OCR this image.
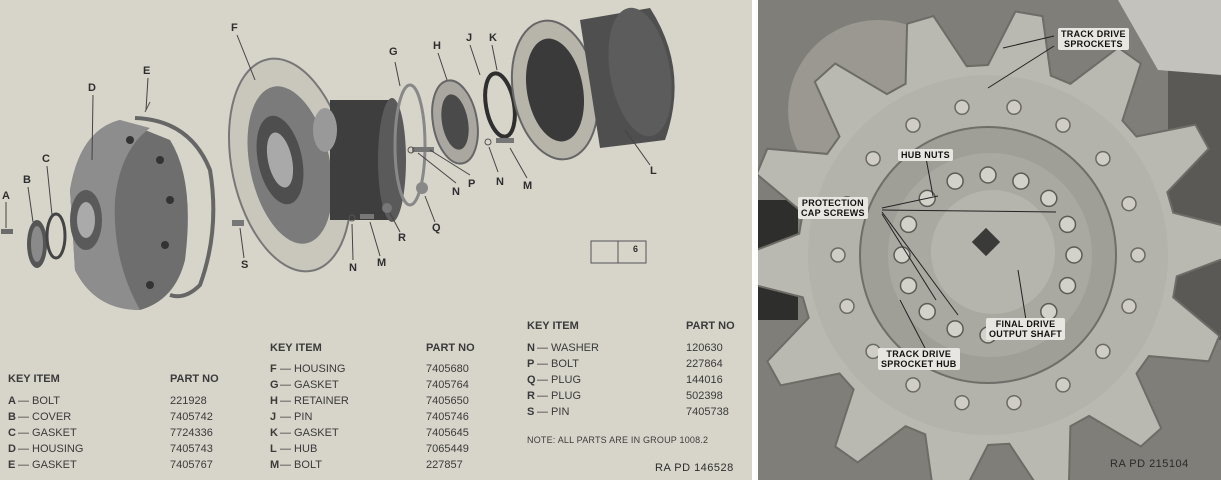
A
B
C
D
E
F
G	H
J K
L
M
N
N
P
N M
R
Q
S
6
KEY ITEM	PART NO
A — BOLT	221928
B — COVER	7405742
C — GASKET	7724336
D — HOUSING	7405743
E — GASKET	7405767
KEY ITEM	PART NO
F — HOUSING	7405680
G — GASKET	7405764
H — RETAINER	7405650
J — PIN	7405746
K — GASKET	7405645
L — HUB	7065449
M — BOLT	227857
KEY ITEM	PART NO
N — WASHER	120630
P — BOLT	227864
Q — PLUG	144016
R — PLUG	502398
S — PIN	7405738
NOTE: ALL PARTS ARE IN GROUP 1008.2
RA PD 146528
TRACK DRIVE
SPROCKETS
HUB NUTS
PROTECTION
CAP SCREWS
FINAL DRIVE
OUTPUT SHAFT
TRACK DRIVE
SPROCKET HUB
RA PD 215104
